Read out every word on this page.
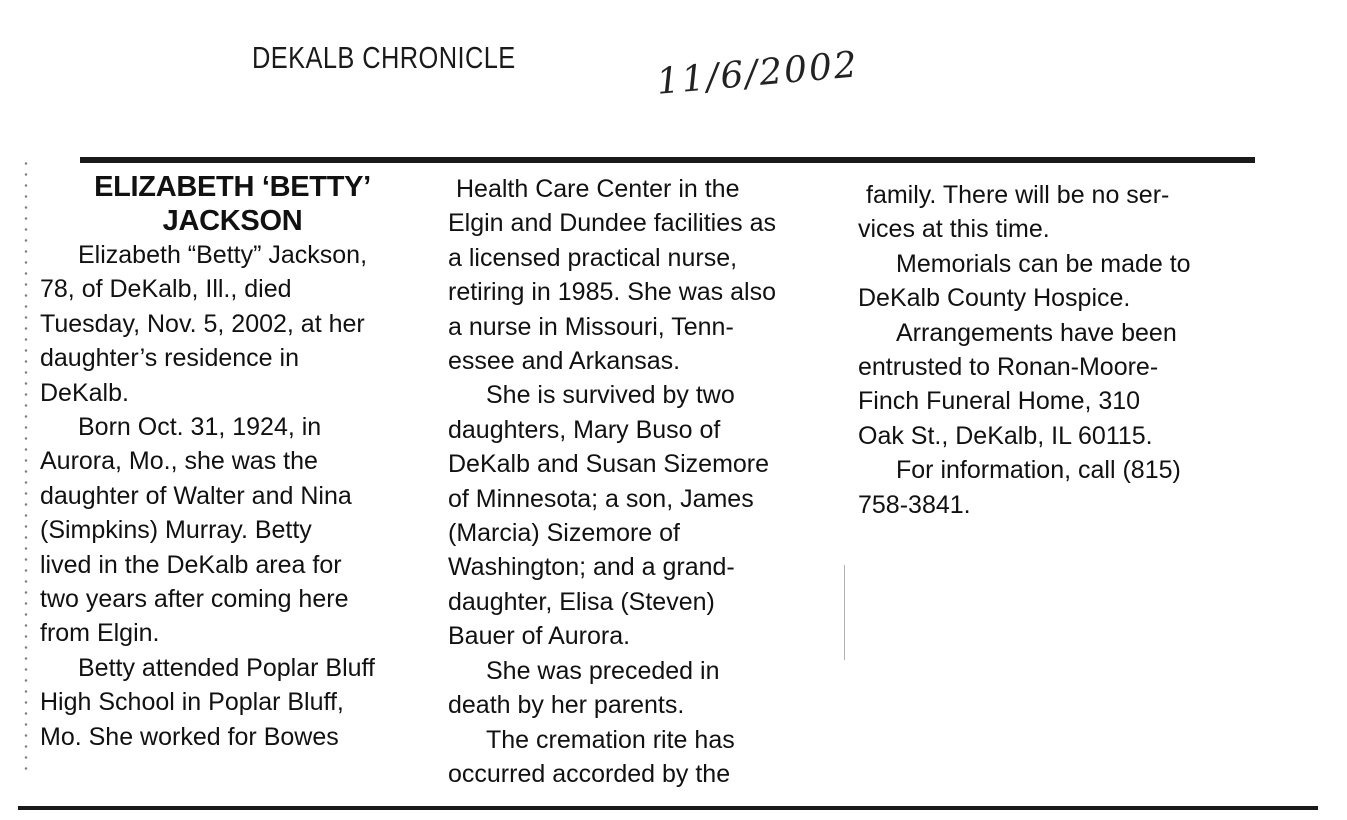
DEKALB CHRONICLE	11/6/2002
ELIZABETH ‘BETTY’
JACKSON

Elizabeth “Betty” Jackson,
78, of DeKalb, Ill., died
Tuesday, Nov. 5, 2002, at her
daughter’s residence in
DeKalb.

Born Oct. 31, 1924, in
Aurora, Mo., she was the
daughter of Walter and Nina
(Simpkins) Murray. Betty
lived in the DeKalb area for
two years after coming here
from Elgin.

Betty attended Poplar Bluff
High School in Poplar Bluff,
Mo. She worked for Bowes

Health Care Center in the
Elgin and Dundee facilities as
a licensed practical nurse,
retiring in 1985. She was also
a nurse in Missouri, Tenn-
essee and Arkansas.

She is survived by two
daughters, Mary Buso of
DeKalb and Susan Sizemore
of Minnesota; a son, James
(Marcia) Sizemore of
Washington; and a grand-
daughter, Elisa (Steven)
Bauer of Aurora.

She was preceded in
death by her parents.

The cremation rite has
occurred accorded by the

family. There will be no ser-
vices at this time.

Memorials can be made to
DeKalb County Hospice.

Arrangements have been
entrusted to Ronan-Moore-
Finch Funeral Home, 310
Oak St., DeKalb, IL 60115.

For information, call (815)
758-3841.
